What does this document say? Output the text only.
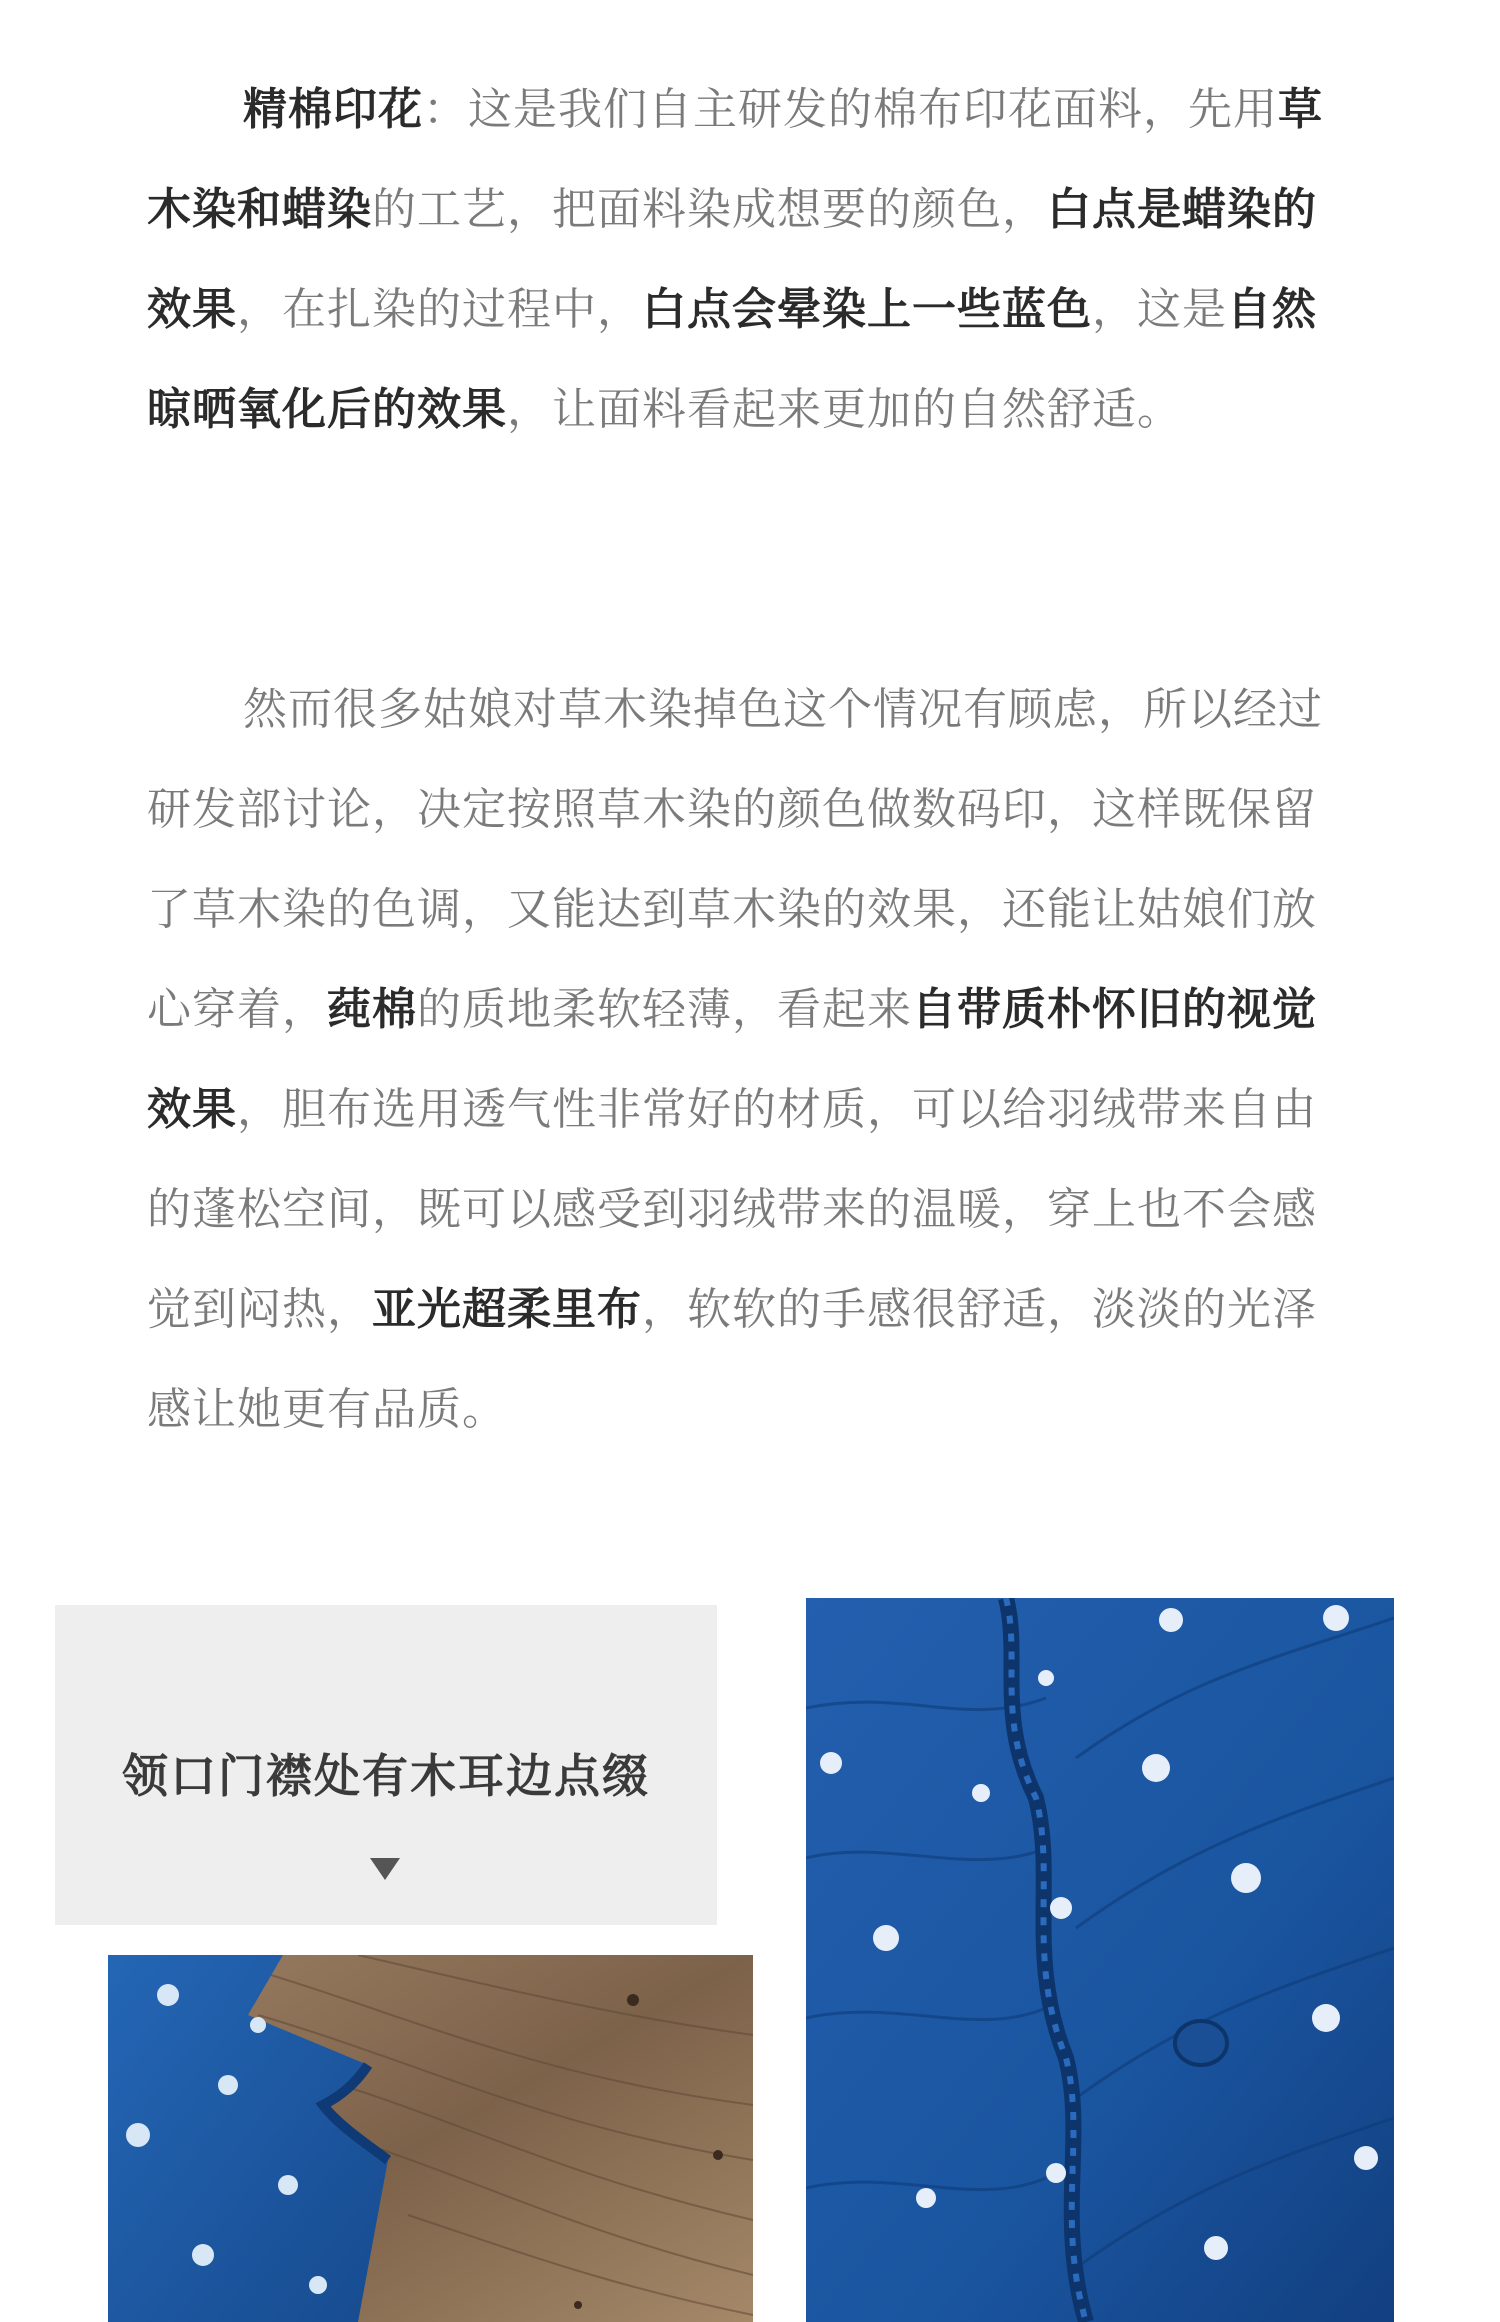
精棉印花：这是我们自主研发的棉布印花面料，先用草木染和蜡染的工艺，把面料染成想要的颜色，白点是蜡染的效果，在扎染的过程中，白点会晕染上一些蓝色，这是自然晾晒氧化后的效果，让面料看起来更加的自然舒适。

然而很多姑娘对草木染掉色这个情况有顾虑，所以经过研发部讨论，决定按照草木染的颜色做数码印，这样既保留了草木染的色调，又能达到草木染的效果，还能让姑娘们放心穿着，莼棉的质地柔软轻薄，看起来自带质朴怀旧的视觉效果，胆布选用透气性非常好的材质，可以给羽绒带来自由的蓬松空间，既可以感受到羽绒带来的温暖，穿上也不会感觉到闷热，亚光超柔里布，软软的手感很舒适，淡淡的光泽感让她更有品质。

领口门襟处有木耳边点缀
